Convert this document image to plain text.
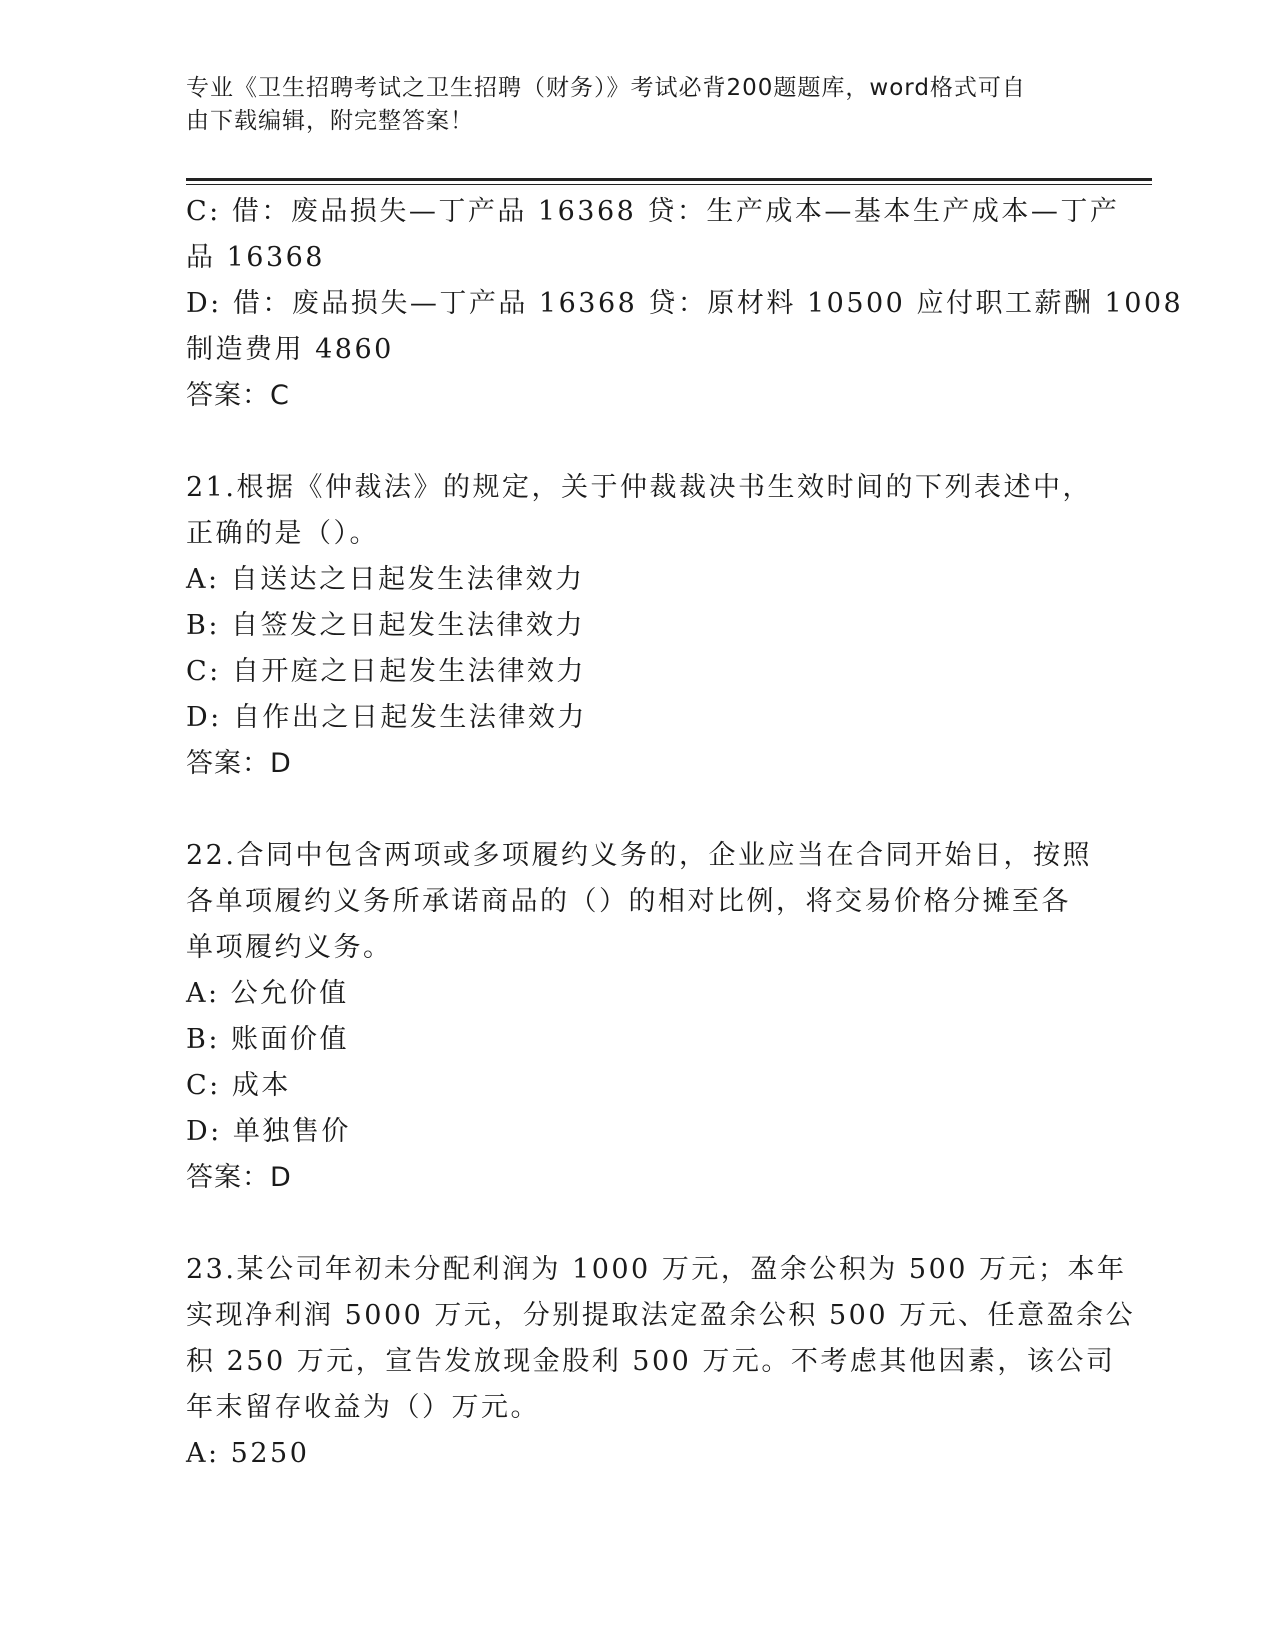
专业《卫生招聘考试之卫生招聘（财务）》考试必背200题题库，word格式可自
由下载编辑，附完整答案！
C: 借：废品损失—丁产品 16368 贷：生产成本—基本生产成本—丁产
品 16368
D: 借：废品损失—丁产品 16368 贷：原材料 10500 应付职工薪酬 1008
制造费用 4860
答案：C
21.根据《仲裁法》的规定，关于仲裁裁决书生效时间的下列表述中，
正确的是（）。
A: 自送达之日起发生法律效力
B: 自签发之日起发生法律效力
C: 自开庭之日起发生法律效力
D: 自作出之日起发生法律效力
答案：D
22.合同中包含两项或多项履约义务的，企业应当在合同开始日，按照
各单项履约义务所承诺商品的（）的相对比例，将交易价格分摊至各
单项履约义务。
A: 公允价值
B: 账面价值
C: 成本
D: 单独售价
答案：D
23.某公司年初未分配利润为 1000 万元，盈余公积为 500 万元；本年
实现净利润 5000 万元，分别提取法定盈余公积 500 万元、任意盈余公
积 250 万元，宣告发放现金股利 500 万元。不考虑其他因素，该公司
年末留存收益为（）万元。
A: 5250
